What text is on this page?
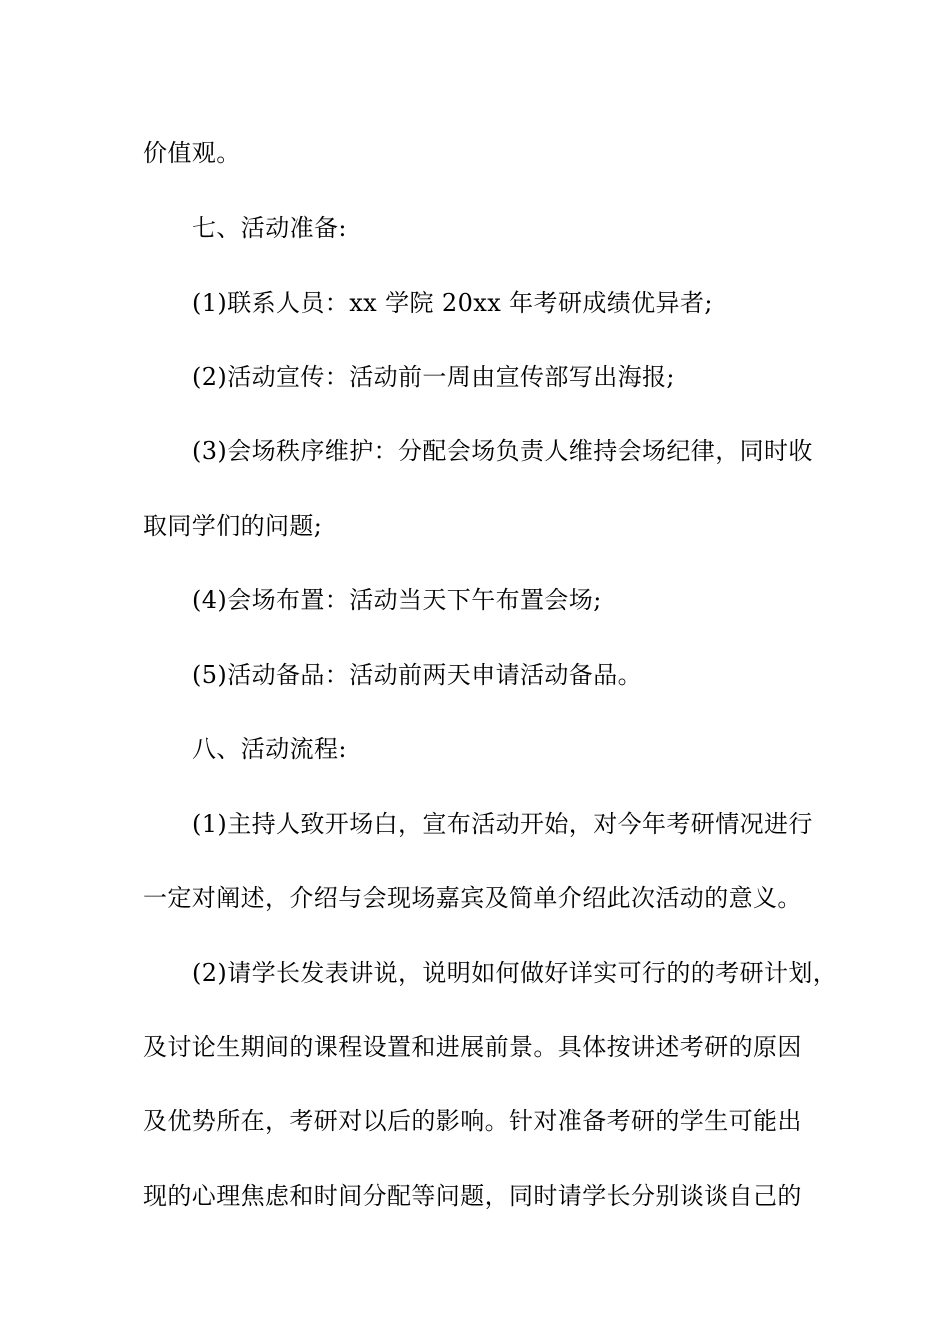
价值观。
七、活动准备:
(1)联系人员：xx 学院 20xx 年考研成绩优异者;
(2)活动宣传：活动前一周由宣传部写出海报;
(3)会场秩序维护：分配会场负责人维持会场纪律，同时收
取同学们的问题;
(4)会场布置：活动当天下午布置会场;
(5)活动备品：活动前两天申请活动备品。
八、活动流程:
(1)主持人致开场白，宣布活动开始，对今年考研情况进行
一定对阐述，介绍与会现场嘉宾及简单介绍此次活动的意义。
(2)请学长发表讲说，说明如何做好详实可行的的考研计划，
及讨论生期间的课程设置和进展前景。具体按讲述考研的原因
及优势所在，考研对以后的影响。针对准备考研的学生可能出
现的心理焦虑和时间分配等问题，同时请学长分别谈谈自己的
